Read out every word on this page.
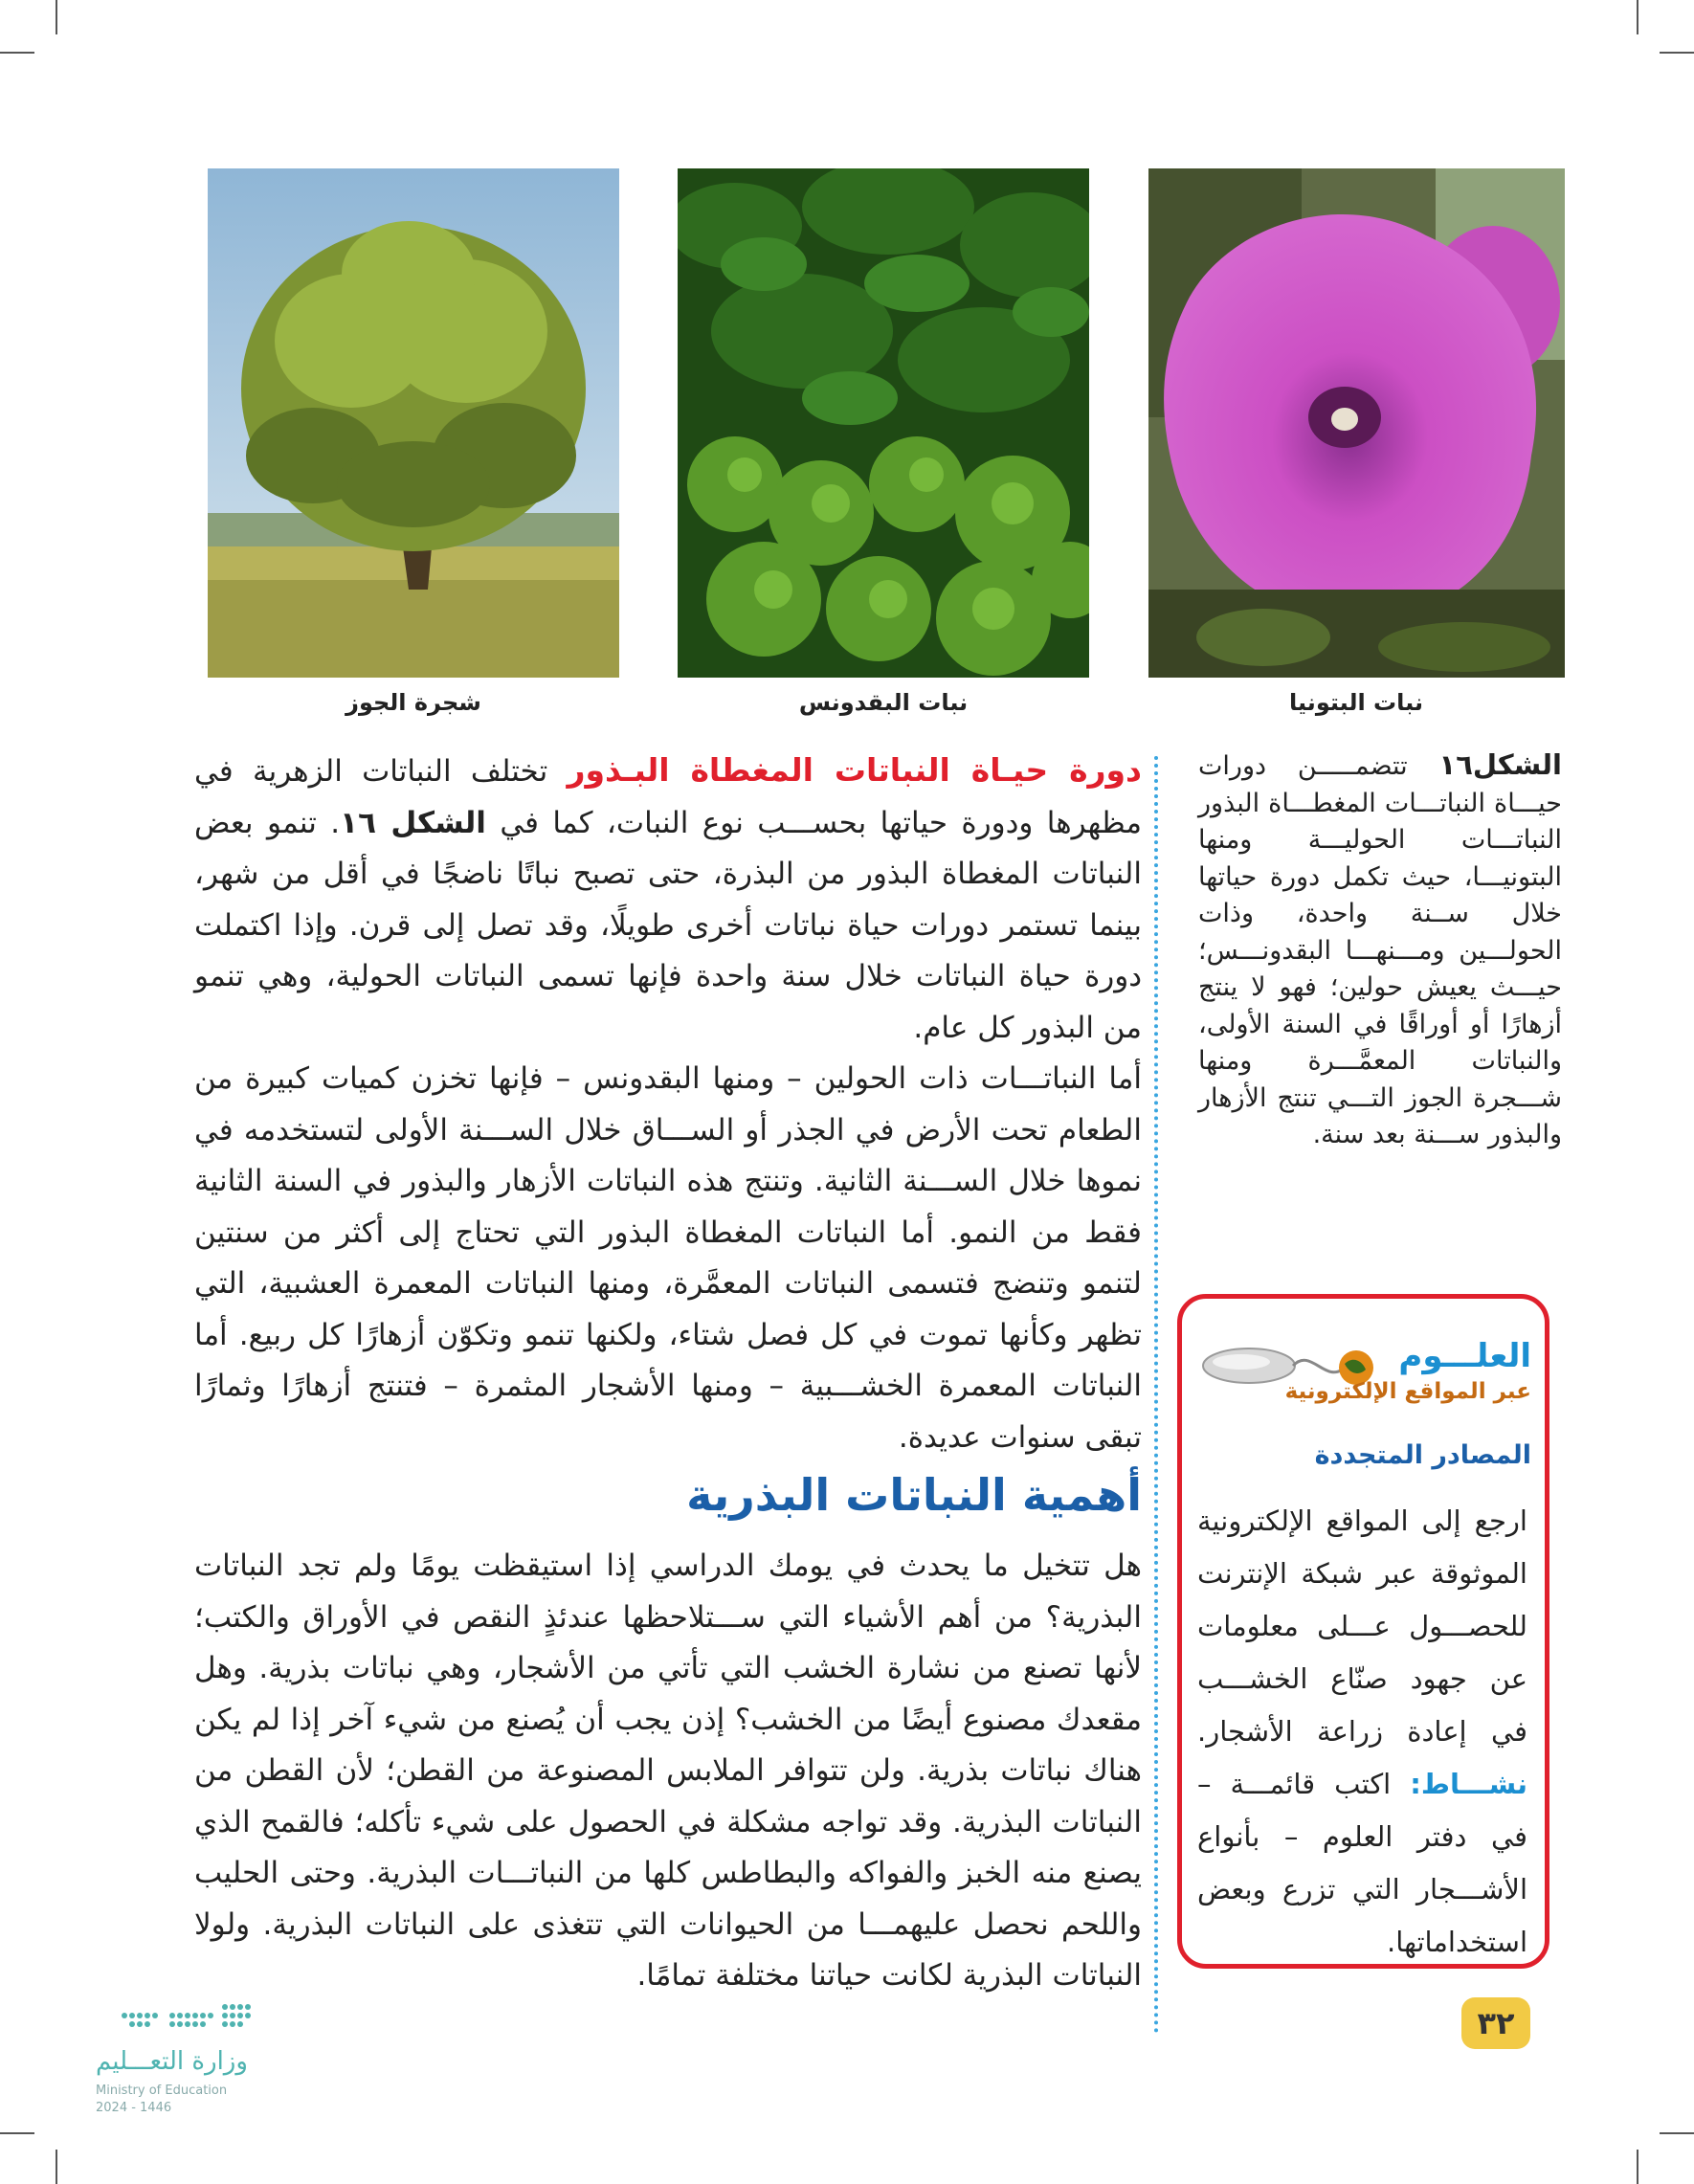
نبات البتونيا
نبات البقدونس
شجرة الجوز
الشكل١٦ تتضمـــــن دورات حيـــاة النباتـــات المغطـــاة البذور النباتـــات الحوليـــة ومنها البتونيـــا، حيث تكمل دورة حياتها خلال ســنة واحدة، وذات الحولـــين ومـــنهـــا البقدونـــس؛ حيـــث يعيش حولين؛ فهو لا ينتج أزهارًا أو أوراقًا في السنة الأولى، والنباتات المعمَّـــرة ومنها شـــجرة الجوز التـــي تنتج الأزهار والبذور ســـنة بعد سنة.

دورة حيـاة النباتات المغطاة البـذور تختلف النباتات الزهرية في مظهرها ودورة حياتها بحســـب نوع النبات، كما في الشكل ١٦. تنمو بعض النباتات المغطاة البذور من البذرة، حتى تصبح نباتًا ناضجًا في أقل من شهر، بينما تستمر دورات حياة نباتات أخرى طويلًا، وقد تصل إلى قرن. وإذا اكتملت دورة حياة النباتات خلال سنة واحدة فإنها تسمى النباتات الحولية، وهي تنمو من البذور كل عام.

أما النباتـــات ذات الحولين – ومنها البقدونس – فإنها تخزن كميات كبيرة من الطعام تحت الأرض في الجذر أو الســـاق خلال الســـنة الأولى لتستخدمه في نموها خلال الســـنة الثانية. وتنتج هذه النباتات الأزهار والبذور في السنة الثانية فقط من النمو. أما النباتات المغطاة البذور التي تحتاج إلى أكثر من سنتين لتنمو وتنضج فتسمى النباتات المعمَّرة، ومنها النباتات المعمرة العشبية، التي تظهر وكأنها تموت في كل فصل شتاء، ولكنها تنمو وتكوّن أزهارًا كل ربيع. أما النباتات المعمرة الخشـــبية – ومنها الأشجار المثمرة – فتنتج أزهارًا وثمارًا تبقى سنوات عديدة.

أهمية النباتات البذرية
هل تتخيل ما يحدث في يومك الدراسي إذا استيقظت يومًا ولم تجد النباتات البذرية؟ من أهم الأشياء التي ســـتلاحظها عندئذٍ النقص في الأوراق والكتب؛ لأنها تصنع من نشارة الخشب التي تأتي من الأشجار، وهي نباتات بذرية. وهل مقعدك مصنوع أيضًا من الخشب؟ إذن يجب أن يُصنع من شيء آخر إذا لم يكن هناك نباتات بذرية. ولن تتوافر الملابس المصنوعة من القطن؛ لأن القطن من النباتات البذرية. وقد تواجه مشكلة في الحصول على شيء تأكله؛ فالقمح الذي يصنع منه الخبز والفواكه والبطاطس كلها من النباتـــات البذرية. وحتى الحليب واللحم نحصل عليهمـــا من الحيوانات التي تتغذى على النباتات البذرية. ولولا النباتات البذرية لكانت حياتنا مختلفة تمامًا.
العلـــوم
عبر المواقع الإلكترونية
المصادر المتجددة
ارجع إلى المواقع الإلكترونية الموثوقة عبر شبكة الإنترنت للحصـــول عـــلى معلومات عن جهود صنّاع الخشـــب في إعادة زراعة الأشجار. نشـــاط: اكتب قائمـــة – في دفتر العلوم – بأنواع الأشـــجار التي تزرع وبعض استخداماتها.
٣٢
وزارة التعـــليم
Ministry of Education
2024 - 1446
